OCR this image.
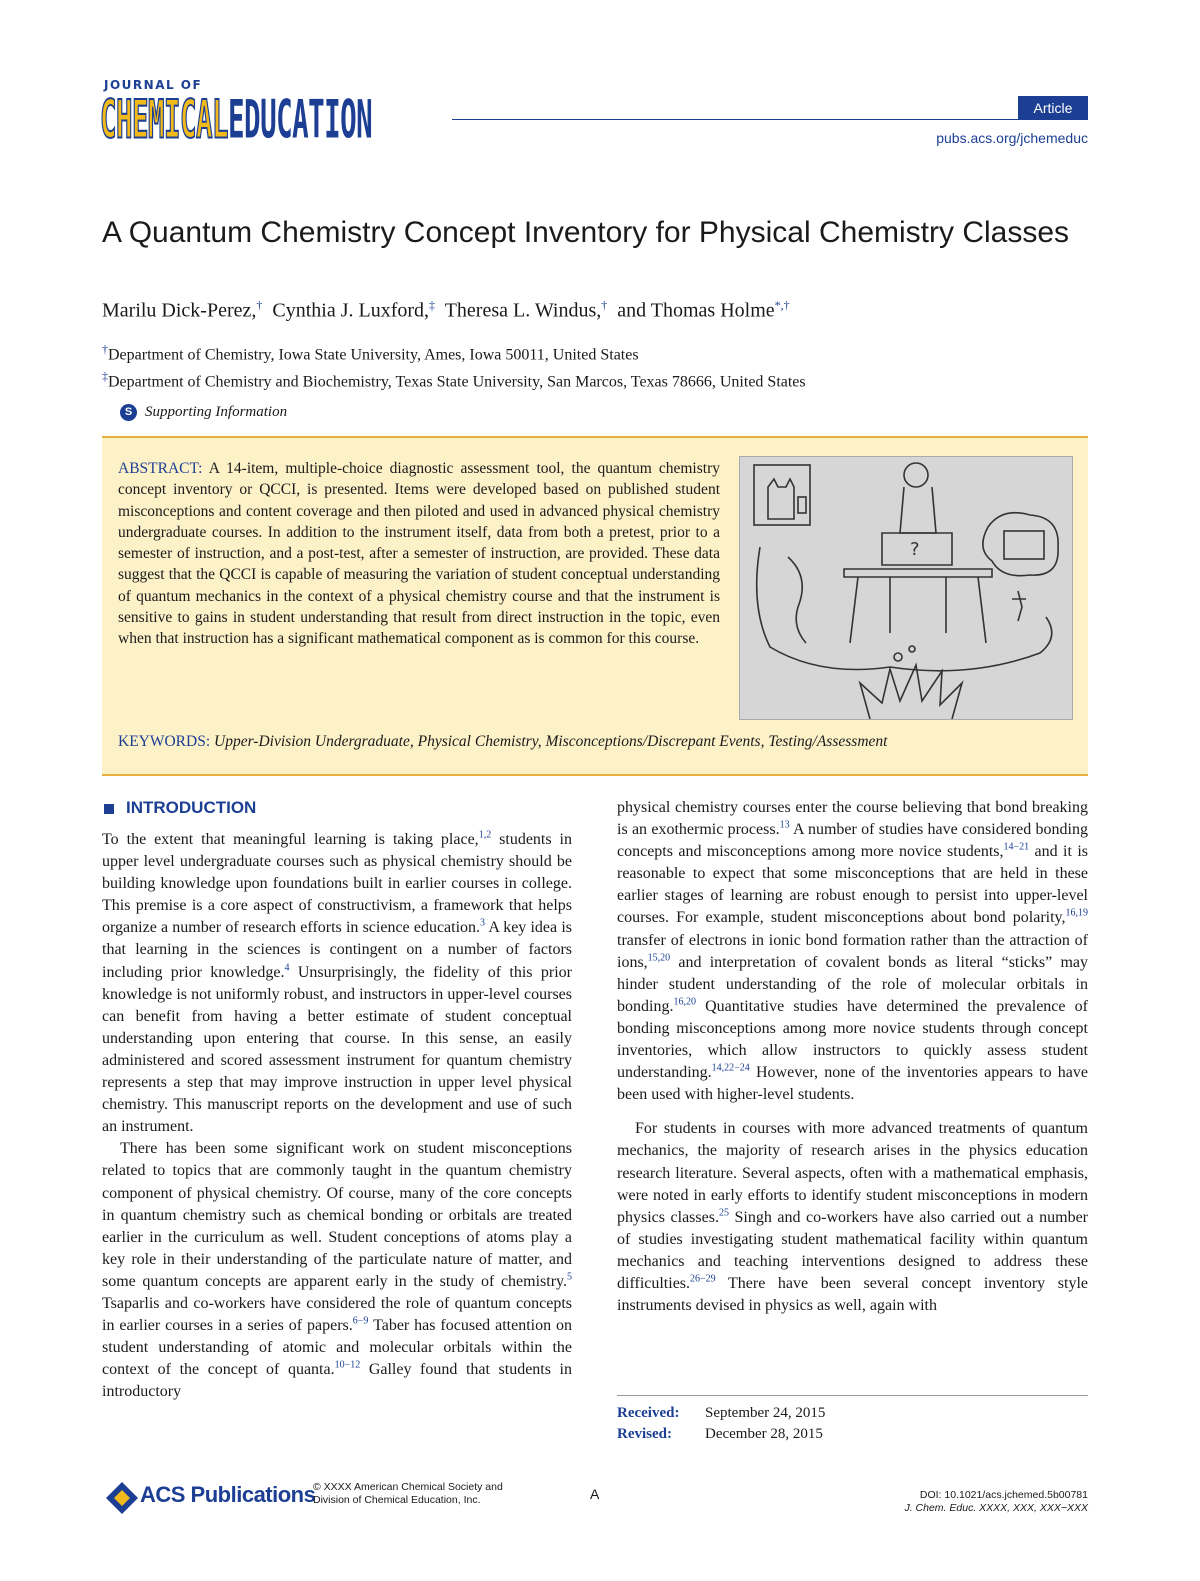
JOURNAL OF
CHEMICALEDUCATION	Article
pubs.acs.org/jchemeduc
A Quantum Chemistry Concept Inventory for Physical Chemistry Classes
Marilu Dick-Perez,† Cynthia J. Luxford,‡ Theresa L. Windus,† and Thomas Holme*,†
†Department of Chemistry, Iowa State University, Ames, Iowa 50011, United States
‡Department of Chemistry and Biochemistry, Texas State University, San Marcos, Texas 78666, United States
S Supporting Information
ABSTRACT: A 14-item, multiple-choice diagnostic assessment tool, the quantum chemistry concept inventory or QCCI, is presented. Items were developed based on published student misconceptions and content coverage and then piloted and used in advanced physical chemistry undergraduate courses. In addition to the instrument itself, data from both a pretest, prior to a semester of instruction, and a post-test, after a semester of instruction, are provided. These data suggest that the QCCI is capable of measuring the variation of student conceptual understanding of quantum mechanics in the context of a physical chemistry course and that the instrument is sensitive to gains in student understanding that result from direct instruction in the topic, even when that instruction has a significant mathematical component as is common for this course.
?
KEYWORDS: Upper-Division Undergraduate, Physical Chemistry, Misconceptions/Discrepant Events, Testing/Assessment
INTRODUCTION

To the extent that meaningful learning is taking place,$^{1,2}$ students in upper level undergraduate courses such as physical chemistry should be building knowledge upon foundations built in earlier courses in college. This premise is a core aspect of constructivism, a framework that helps organize a number of research efforts in science education.$^3$ A key idea is that learning in the sciences is contingent on a number of factors including prior knowledge.$^4$ Unsurprisingly, the fidelity of this prior knowledge is not uniformly robust, and instructors in upper-level courses can benefit from having a better estimate of student conceptual understanding upon entering that course. In this sense, an easily administered and scored assessment instrument for quantum chemistry represents a step that may improve instruction in upper level physical chemistry. This manuscript reports on the development and use of such an instrument.

There has been some significant work on student misconceptions related to topics that are commonly taught in the quantum chemistry component of physical chemistry. Of course, many of the core concepts in quantum chemistry such as chemical bonding or orbitals are treated earlier in the curriculum as well. Student conceptions of atoms play a key role in their understanding of the particulate nature of matter, and some quantum concepts are apparent early in the study of chemistry.$^5$ Tsaparlis and co-workers have considered the role of quantum concepts in earlier courses in a series of papers.$^{6-9}$ Taber has focused attention on student understanding of atomic and molecular orbitals within the context of the concept of quanta.$^{10-12}$ Galley found that students in introductory

physical chemistry courses enter the course believing that bond breaking is an exothermic process.$^{13}$ A number of studies have considered bonding concepts and misconceptions among more novice students,$^{14-21}$ and it is reasonable to expect that some misconceptions that are held in these earlier stages of learning are robust enough to persist into upper-level courses. For example, student misconceptions about bond polarity,$^{16,19}$ transfer of electrons in ionic bond formation rather than the attraction of ions,$^{15,20}$ and interpretation of covalent bonds as literal “sticks” may hinder student understanding of the role of molecular orbitals in bonding.$^{16,20}$ Quantitative studies have determined the prevalence of bonding misconceptions among more novice students through concept inventories, which allow instructors to quickly assess student understanding.$^{14,22-24}$ However, none of the inventories appears to have been used with higher-level students.

For students in courses with more advanced treatments of quantum mechanics, the majority of research arises in the physics education research literature. Several aspects, often with a mathematical emphasis, were noted in early efforts to identify student misconceptions in modern physics classes.$^{25}$ Singh and co-workers have also carried out a number of studies investigating student mathematical facility within quantum mechanics and teaching interventions designed to address these difficulties.$^{26-29}$ There have been several concept inventory style instruments devised in physics as well, again with

Received: September 24, 2015
Revised: December 28, 2015
ACS Publications
© XXXX American Chemical Society and
Division of Chemical Education, Inc.	A	DOI: 10.1021/acs.jchemed.5b00781
J. Chem. Educ. XXXX, XXX, XXX−XXX
